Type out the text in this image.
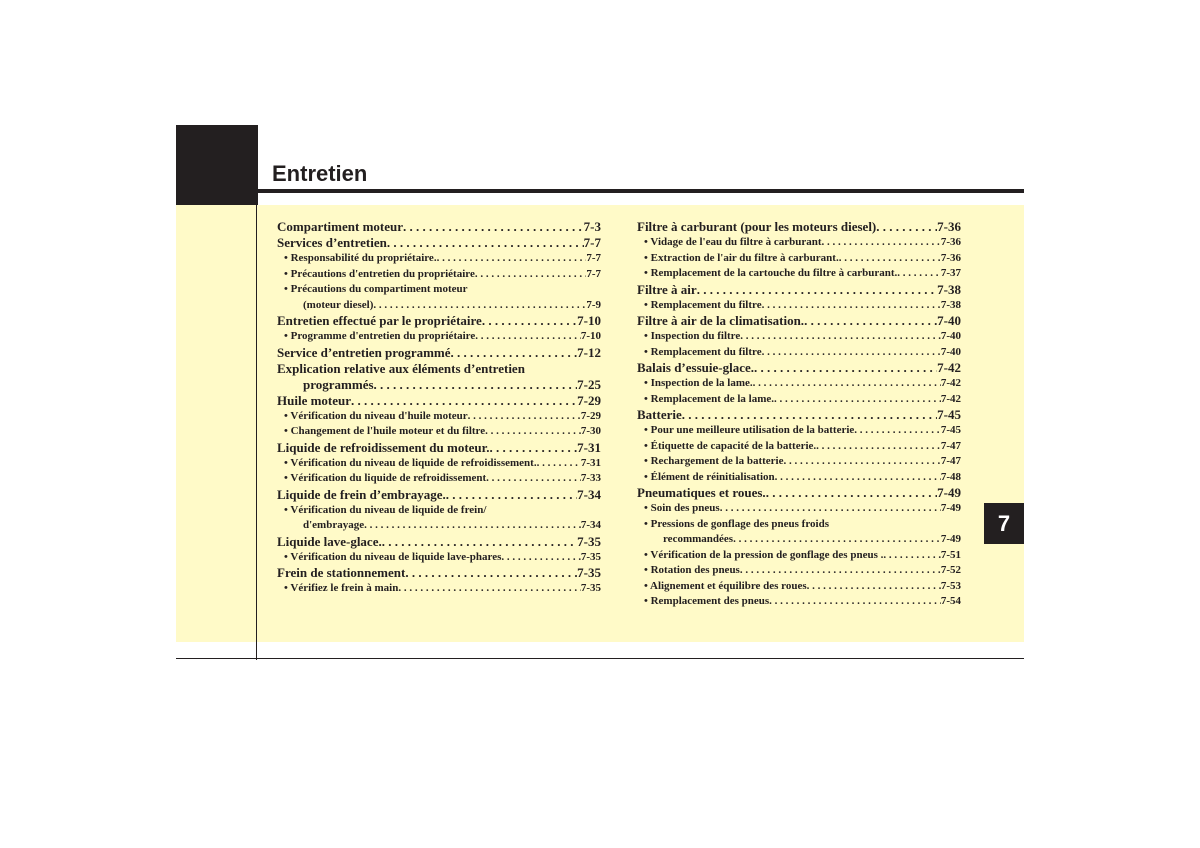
Entretien
7
Compartiment moteur . . .	7-3
Services d’entretien . . .	7-7
• Responsabilité du propriétaire. . . .	7-7
• Précautions d'entretien du propriétaire . . .	7-7
• Précautions du compartiment moteur
(moteur diesel) . . .	7-9
Entretien effectué par le propriétaire . . .	7-10
• Programme d'entretien du propriétaire . . .	7-10
Service d’entretien programmé . . .	7-12
Explication relative aux éléments d’entretien
programmés . . .	7-25
Huile moteur . . .	7-29
• Vérification du niveau d'huile moteur . . .	7-29
• Changement de l'huile moteur et du filtre . . .	7-30
Liquide de refroidissement du moteur. . . .	7-31
• Vérification du niveau de liquide de refroidissement. . . .	7-31
• Vérification du liquide de refroidissement . . .	7-33
Liquide de frein d’embrayage. . . .	7-34
• Vérification du niveau de liquide de frein/
d'embrayage . . .	7-34
Liquide lave-glace. . . .	7-35
• Vérification du niveau de liquide lave-phares . . .	7-35
Frein de stationnement . . .	7-35
• Vérifiez le frein à main . . .	7-35
Filtre à carburant (pour les moteurs diesel) . . .	7-36
• Vidage de l'eau du filtre à carburant . . .	7-36
• Extraction de l'air du filtre à carburant. . . .	7-36
• Remplacement de la cartouche du filtre à carburant. . . .	7-37
Filtre à air . . .	7-38
• Remplacement du filtre . . .	7-38
Filtre à air de la climatisation. . . .	7-40
• Inspection du filtre . . .	7-40
• Remplacement du filtre . . .	7-40
Balais d’essuie-glace. . . .	7-42
• Inspection de la lame. . . .	7-42
• Remplacement de la lame. . . .	7-42
Batterie . . .	7-45
• Pour une meilleure utilisation de la batterie . . .	7-45
• Étiquette de capacité de la batterie. . . .	7-47
• Rechargement de la batterie . . .	7-47
• Élément de réinitialisation . . .	7-48
Pneumatiques et roues. . . .	7-49
• Soin des pneus . . .	7-49
• Pressions de gonflage des pneus froids
recommandées . . .	7-49
• Vérification de la pression de gonflage des pneus . . . .	7-51
• Rotation des pneus . . .	7-52
• Alignement et équilibre des roues . . .	7-53
• Remplacement des pneus . . .	7-54
